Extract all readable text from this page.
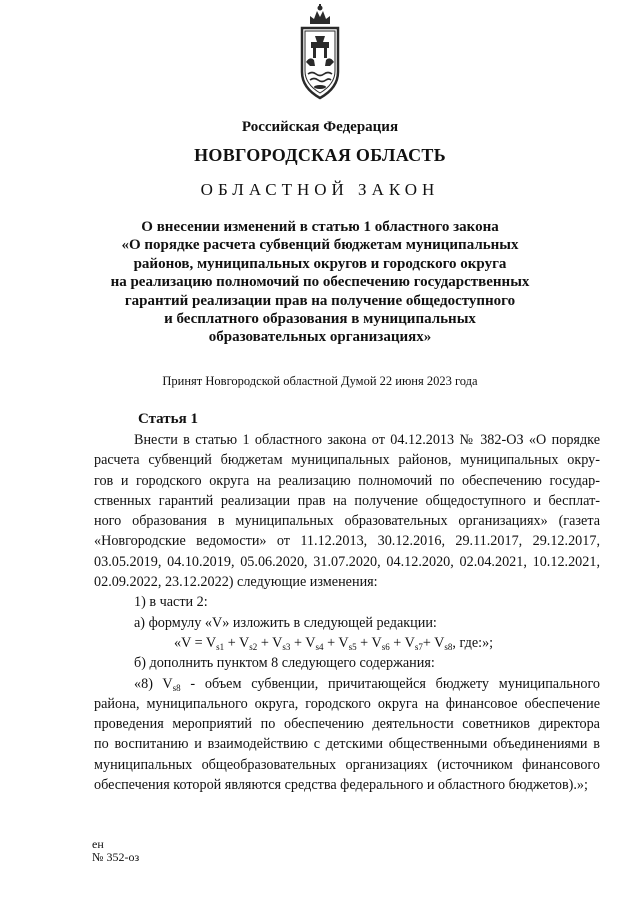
Российская Федерация
НОВГОРОДСКАЯ ОБЛАСТЬ
ОБЛАСТНОЙ ЗАКОН
О внесении изменений в статью 1 областного закона
«О порядке расчета субвенций бюджетам муниципальных
районов, муниципальных округов и городского округа
на реализацию полномочий по обеспечению государственных
гарантий реализации прав на получение общедоступного
и бесплатного образования в муниципальных
образовательных организациях»
Принят Новгородской областной Думой 22 июня 2023 года
Статья 1
Внести в статью 1 областного закона от 04.12.2013 № 382-ОЗ «О порядке
расчета субвенций бюджетам муниципальных районов, муниципальных окру-
гов и городского округа на реализацию полномочий по обеспечению государ-
ственных гарантий реализации прав на получение общедоступного и бесплат-
ного образования в муниципальных образовательных организациях» (газета
«Новгородские ведомости» от 11.12.2013, 30.12.2016, 29.11.2017, 29.12.2017,
03.05.2019, 04.10.2019, 05.06.2020, 31.07.2020, 04.12.2020, 02.04.2021, 10.12.2021,
02.09.2022, 23.12.2022) следующие изменения:
1) в части 2:
а) формулу «V» изложить в следующей редакции:
«$V = V_{s1} + V_{s2} + V_{s3} + V_{s4} + V_{s5} + V_{s6} + V_{s7}+ V_{s8}$, где:»;
б) дополнить пунктом 8 следующего содержания:
«8) $V_{s8}$ - объем субвенции, причитающейся бюджету муниципального
района, муниципального округа, городского округа на финансовое обеспечение
проведения мероприятий по обеспечению деятельности советников директора
по воспитанию и взаимодействию с детскими общественными объединениями в
муниципальных общеобразовательных организациях (источником финансового
обеспечения которой являются средства федерального и областного бюджетов).»;
ен
№ 352-оз
